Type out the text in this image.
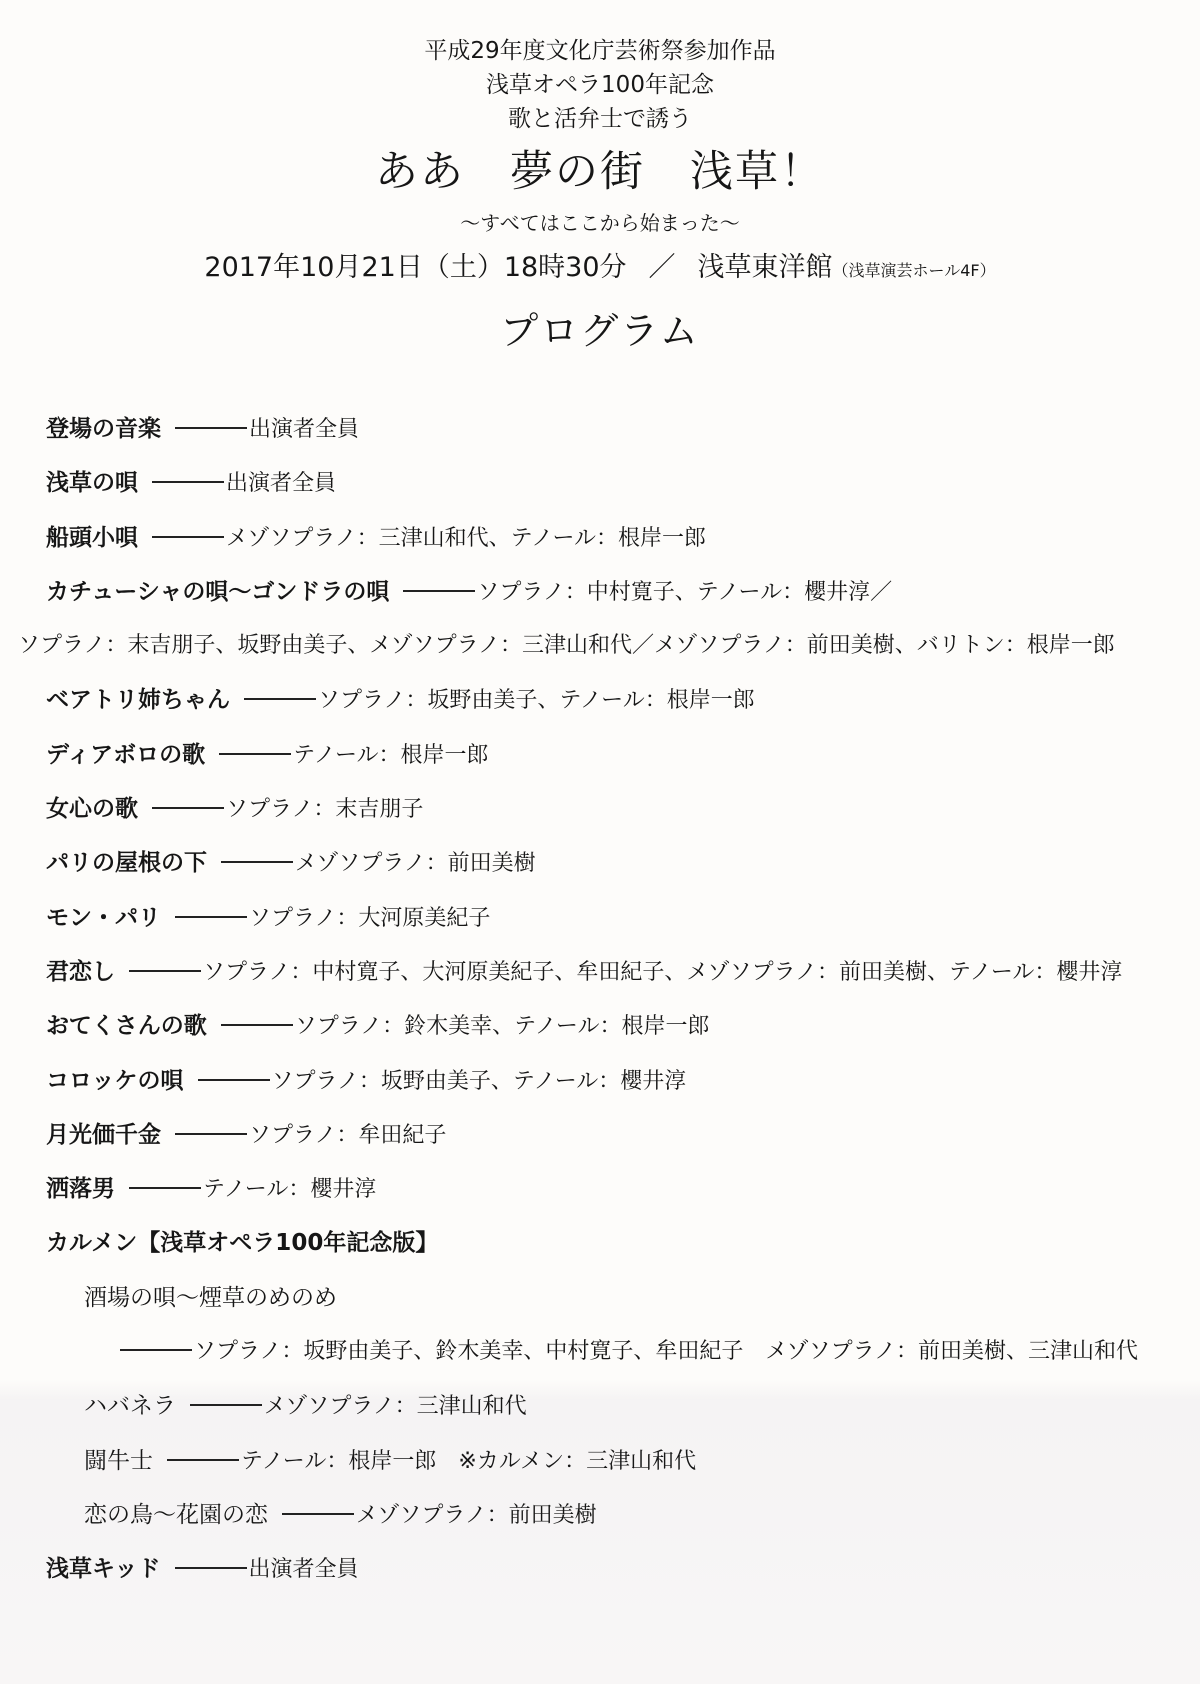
平成29年度文化庁芸術祭参加作品
浅草オペラ100年記念
歌と活弁士で誘う
ああ　夢の街　浅草！
～すべてはここから始まった～
2017年10月21日（土）18時30分 ／ 浅草東洋館（浅草演芸ホール4F）
プログラム
登場の音楽	出演者全員
浅草の唄	出演者全員
船頭小唄	メゾソプラノ：三津山和代、テノール：根岸一郎
カチューシャの唄～ゴンドラの唄	ソプラノ：中村寛子、テノール：櫻井淳／
ソプラノ：末吉朋子、坂野由美子、メゾソプラノ：三津山和代／メゾソプラノ：前田美樹、バリトン：根岸一郎
ベアトリ姉ちゃん	ソプラノ：坂野由美子、テノール：根岸一郎
ディアボロの歌	テノール：根岸一郎
女心の歌	ソプラノ：末吉朋子
パリの屋根の下	メゾソプラノ：前田美樹
モン・パリ	ソプラノ：大河原美紀子
君恋し	ソプラノ：中村寛子、大河原美紀子、牟田紀子、メゾソプラノ：前田美樹、テノール：櫻井淳
おてくさんの歌	ソプラノ：鈴木美幸、テノール：根岸一郎
コロッケの唄	ソプラノ：坂野由美子、テノール：櫻井淳
月光価千金	ソプラノ：牟田紀子
洒落男	テノール：櫻井淳
カルメン【浅草オペラ100年記念版】
酒場の唄～煙草のめのめ
ソプラノ：坂野由美子、鈴木美幸、中村寛子、牟田紀子　メゾソプラノ：前田美樹、三津山和代
ハバネラ	メゾソプラノ：三津山和代
闘牛士	テノール：根岸一郎　※カルメン：三津山和代
恋の鳥～花園の恋	メゾソプラノ：前田美樹
浅草キッド	出演者全員
